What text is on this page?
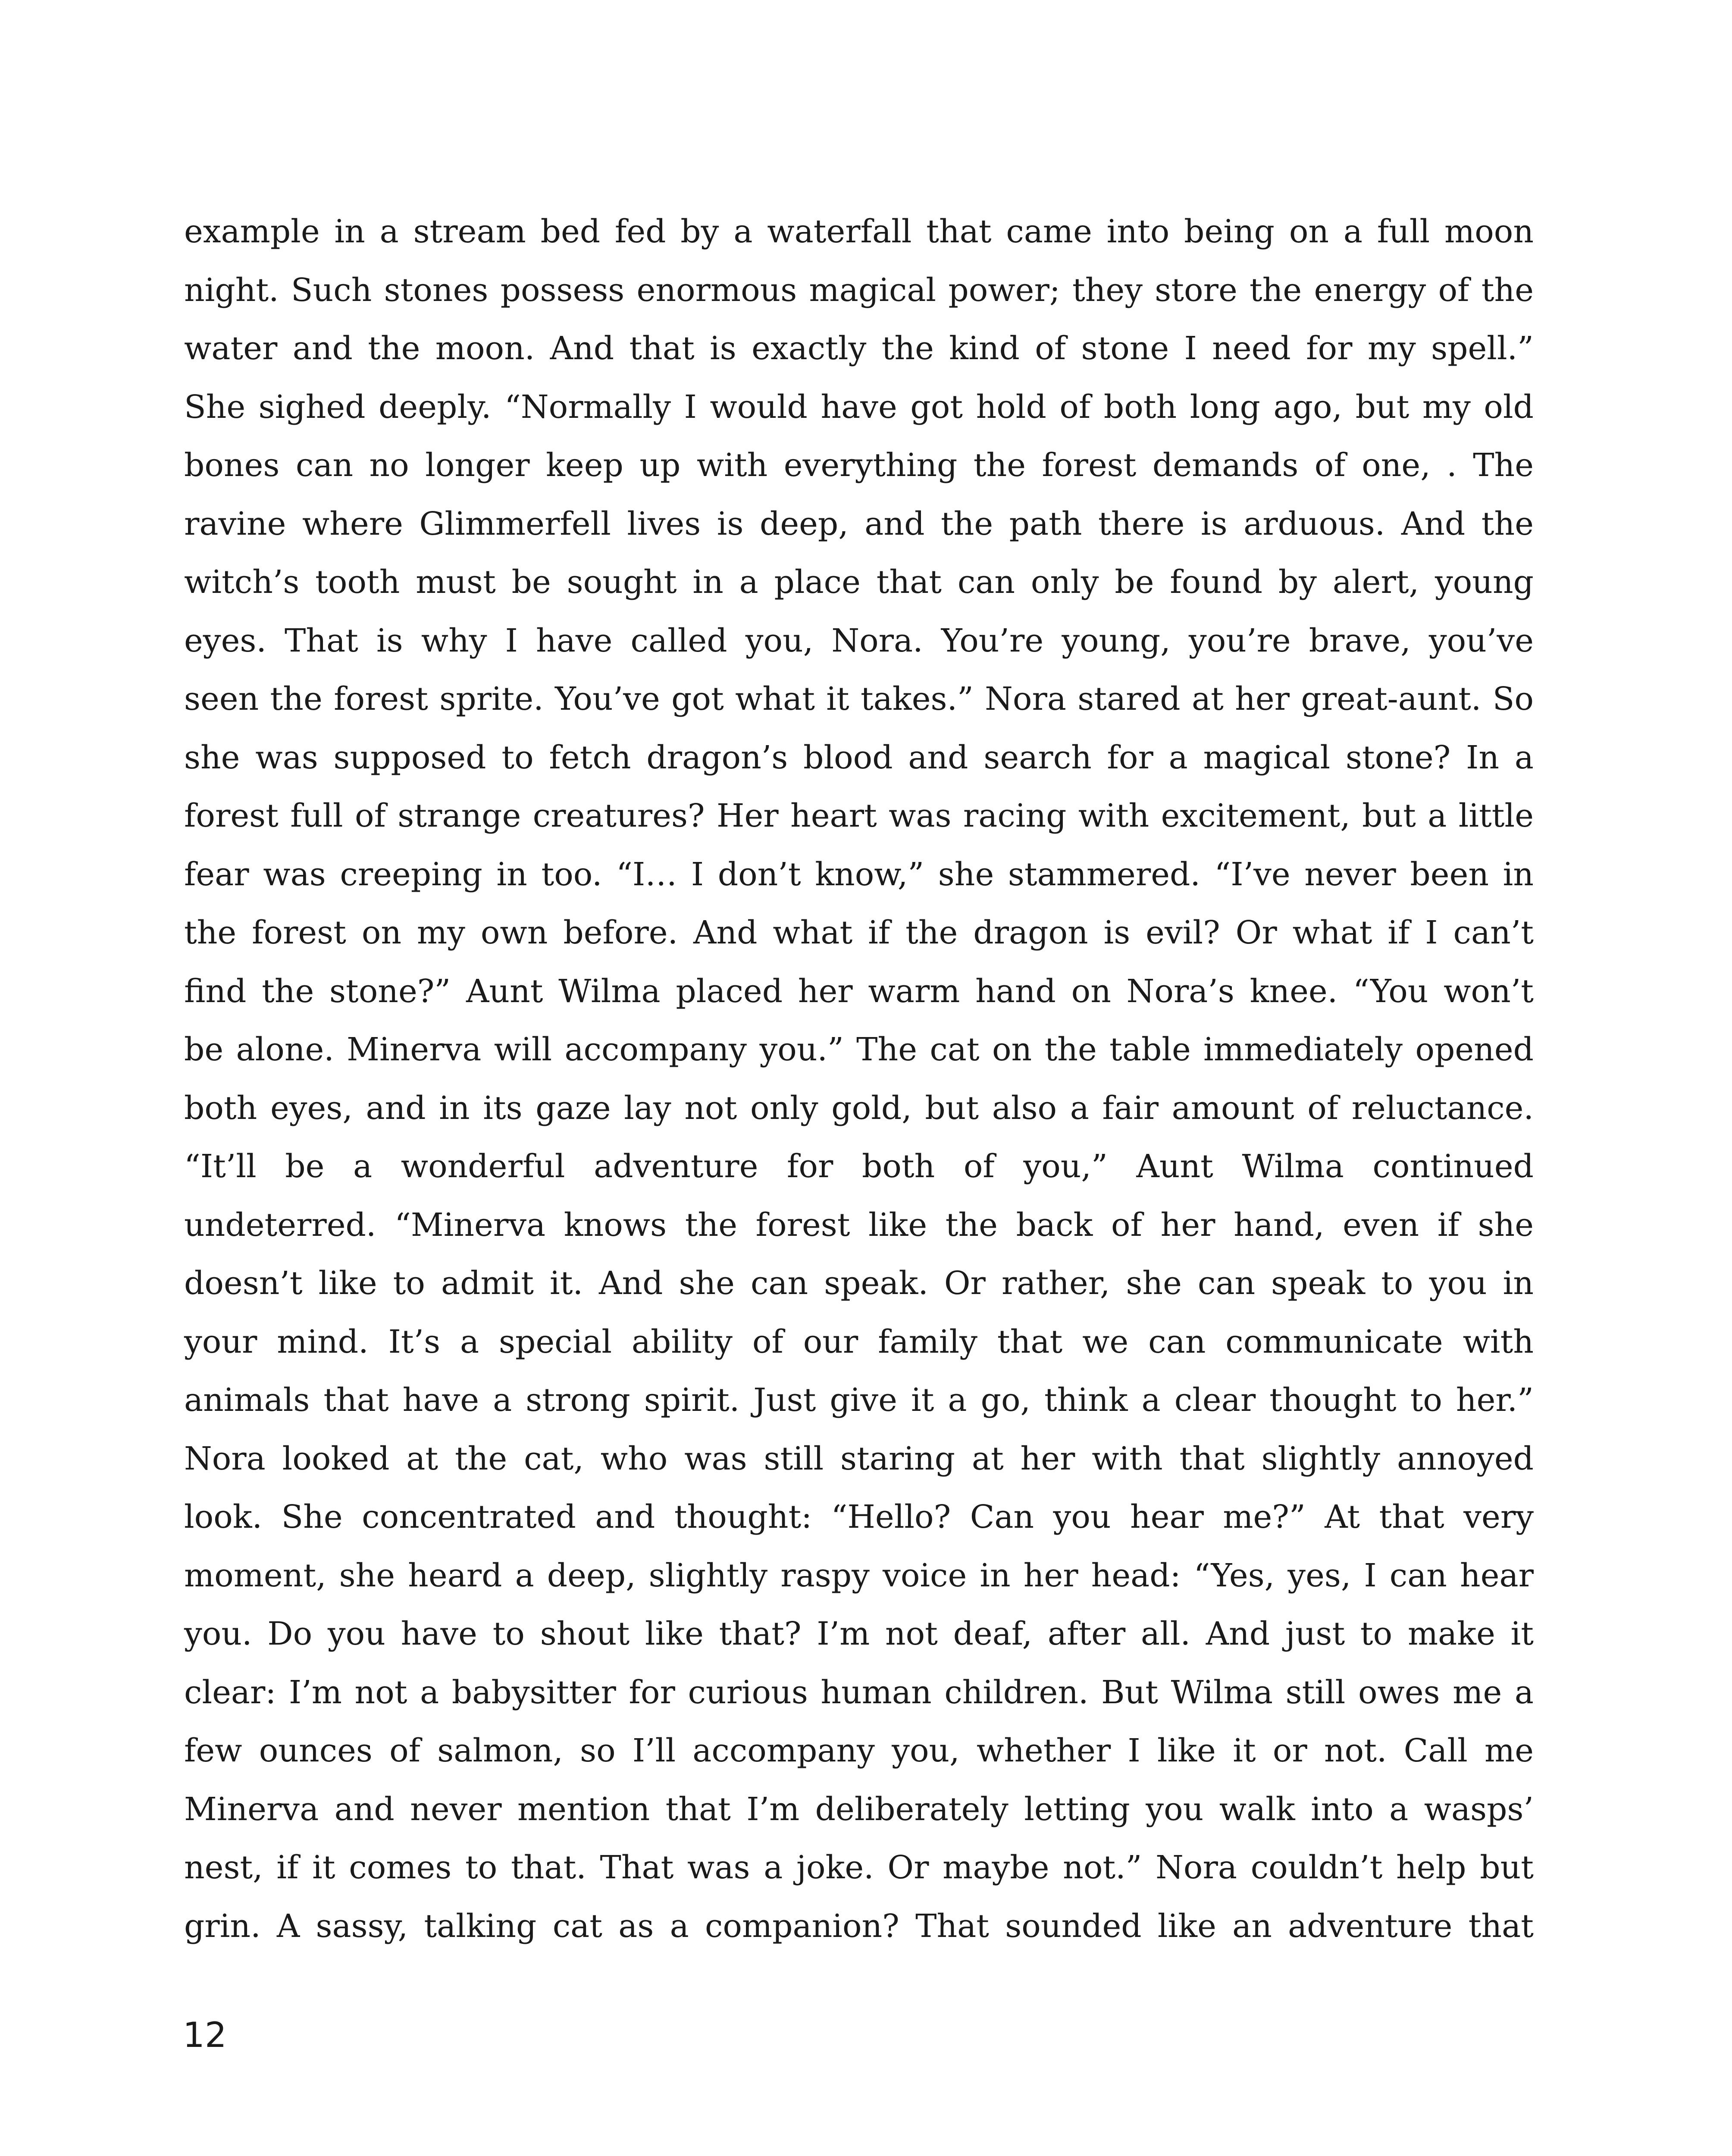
example in a stream bed fed by a waterfall that came into being on a full moon
night. Such stones possess enormous magical power; they store the energy of the
water and the moon. And that is exactly the kind of stone I need for my spell.”
She sighed deeply. “Normally I would have got hold of both long ago, but my old
bones can no longer keep up with everything the forest demands of one, . The
ravine where Glimmerfell lives is deep, and the path there is arduous. And the
witch’s tooth must be sought in a place that can only be found by alert, young
eyes. That is why I have called you, Nora. You’re young, you’re brave, you’ve
seen the forest sprite. You’ve got what it takes.” Nora stared at her great-aunt. So
she was supposed to fetch dragon’s blood and search for a magical stone? In a
forest full of strange creatures? Her heart was racing with excitement, but a little
fear was creeping in too. “I… I don’t know,” she stammered. “I’ve never been in
the forest on my own before. And what if the dragon is evil? Or what if I can’t
find the stone?” Aunt Wilma placed her warm hand on Nora’s knee. “You won’t
be alone. Minerva will accompany you.” The cat on the table immediately opened
both eyes, and in its gaze lay not only gold, but also a fair amount of reluctance.
“It’ll be a wonderful adventure for both of you,” Aunt Wilma continued
undeterred. “Minerva knows the forest like the back of her hand, even if she
doesn’t like to admit it. And she can speak. Or rather, she can speak to you in
your mind. It’s a special ability of our family that we can communicate with
animals that have a strong spirit. Just give it a go, think a clear thought to her.”
Nora looked at the cat, who was still staring at her with that slightly annoyed
look. She concentrated and thought: “Hello? Can you hear me?” At that very
moment, she heard a deep, slightly raspy voice in her head: “Yes, yes, I can hear
you. Do you have to shout like that? I’m not deaf, after all. And just to make it
clear: I’m not a babysitter for curious human children. But Wilma still owes me a
few ounces of salmon, so I’ll accompany you, whether I like it or not. Call me
Minerva and never mention that I’m deliberately letting you walk into a wasps’
nest, if it comes to that. That was a joke. Or maybe not.” Nora couldn’t help but
grin. A sassy, talking cat as a companion? That sounded like an adventure that
12
